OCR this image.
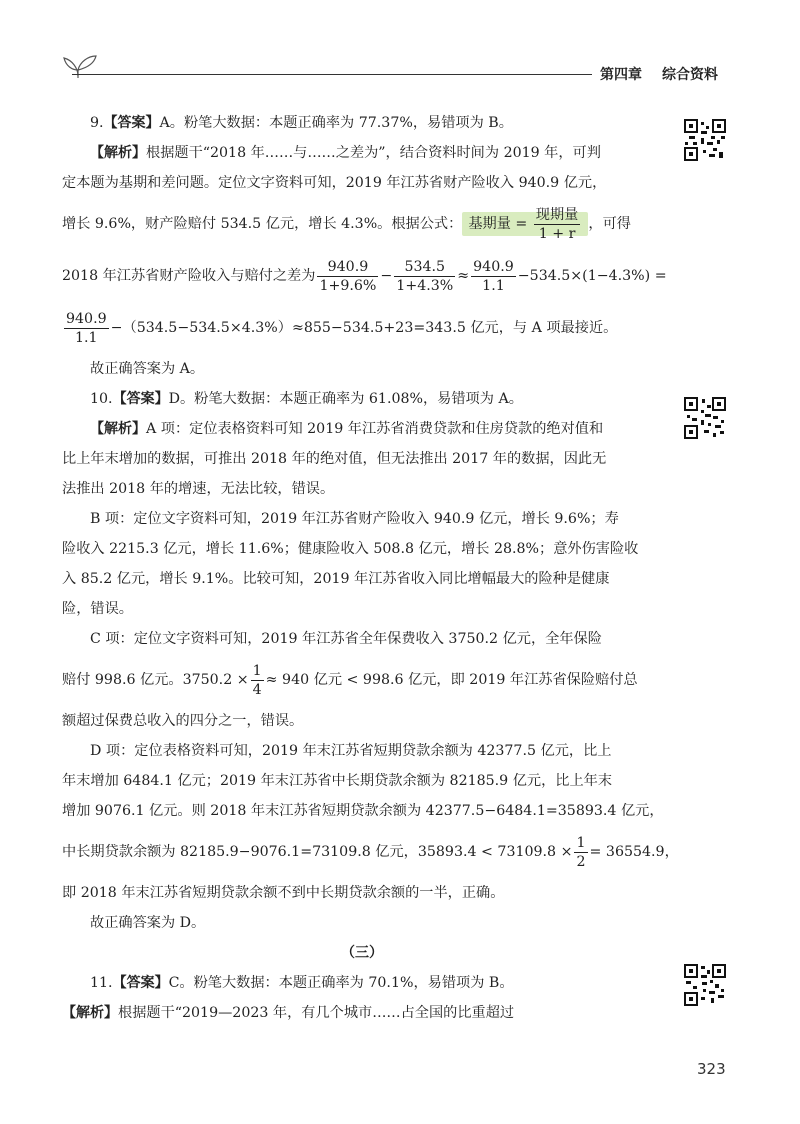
第四章 综合资料
9.【答案】A。粉笔大数据：本题正确率为 77.37%，易错项为 B。
【解析】根据题干“2018 年……与……之差为”，结合资料时间为 2019 年，可判
定本题为基期和差问题。定位文字资料可知，2019 年江苏省财产险收入 940.9 亿元，
增长 9.6%，财产险赔付 534.5 亿元，增长 4.3%。根据公式： 基期量 = $\frac{\text{现期量}}{1 + r}$ ，可得
2018 年江苏省财产险收入与赔付之差为 $\frac{940.9}{1+9.6\%} - \frac{534.5}{1+4.3\%} \approx \frac{940.9}{1.1} -534.5\times(1-4.3\%)$ =
$\frac{940.9}{1.1} -(534.5-534.5\times 4.3\%)\approx 855-534.5+23=343.5$ 亿元，与 A 项最接近。
故正确答案为 A。
10.【答案】D。粉笔大数据：本题正确率为 61.08%，易错项为 A。
【解析】A 项：定位表格资料可知 2019 年江苏省消费贷款和住房贷款的绝对值和
比上年末增加的数据，可推出 2018 年的绝对值，但无法推出 2017 年的数据，因此无
法推出 2018 年的增速，无法比较，错误。
B 项：定位文字资料可知，2019 年江苏省财产险收入 940.9 亿元，增长 9.6%；寿
险收入 2215.3 亿元，增长 11.6%；健康险收入 508.8 亿元，增长 28.8%；意外伤害险收
入 85.2 亿元，增长 9.1%。比较可知，2019 年江苏省收入同比增幅最大的险种是健康
险，错误。
C 项：定位文字资料可知，2019 年江苏省全年保费收入 3750.2 亿元，全年保险
赔付 998.6 亿元。$3750.2 \times \frac{1}{4} \approx 940$ 亿元 < 998.6 亿元，即 2019 年江苏省保险赔付总
额超过保费总收入的四分之一，错误。
D 项：定位表格资料可知，2019 年末江苏省短期贷款余额为 42377.5 亿元，比上
年末增加 6484.1 亿元；2019 年末江苏省中长期贷款余额为 82185.9 亿元，比上年末
增加 9076.1 亿元。则 2018 年末江苏省短期贷款余额为 42377.5−6484.1=35893.4 亿元，
中长期贷款余额为 82185.9−9076.1=73109.8 亿元，$35893.4 < 73109.8 \times \frac{1}{2} = 36554.9$，
即 2018 年末江苏省短期贷款余额不到中长期贷款余额的一半，正确。
故正确答案为 D。
（三）
11.【答案】C。粉笔大数据：本题正确率为 70.1%，易错项为 B。
【解析】根据题干“2019—2023 年，有几个城市……占全国的比重超过
323
